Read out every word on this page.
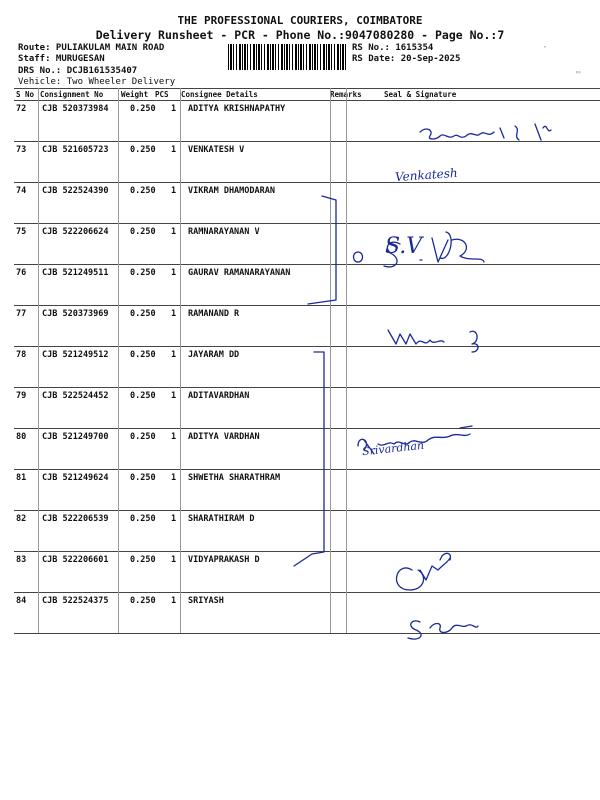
THE PROFESSIONAL COURIERS, COIMBATORE
Delivery Runsheet - PCR - Phone No.:9047080280 - Page No.:7
Route: PULIAKULAM MAIN ROAD
Staff: MURUGESAN
DRS No.: DCJB161535407
Vehicle: Two Wheeler Delivery
RS No.: 1615354
RS Date: 20-Sep-2025
·
▭
S No Consignment No Weight PCS Consignee Details	Remarks	Seal & Signature
72 CJB 520373984	0.250 1 ADITYA KRISHNAPATHY
73 CJB 521605723	0.250 1 VENKATESH V
74 CJB 522524390	0.250 1 VIKRAM DHAMODARAN
75 CJB 522206624	0.250 1 RAMNARAYANAN V
76 CJB 521249511	0.250 1 GAURAV RAMANARAYANAN
77 CJB 520373969	0.250 1 RAMANAND R
78 CJB 521249512	0.250 1 JAYARAM DD
79 CJB 522524452	0.250 1 ADITAVARDHAN
80 CJB 521249700	0.250 1 ADITYA VARDHAN
81 CJB 521249624	0.250 1 SHWETHA SHARATHRAM
82 CJB 522206539	0.250 1 SHARATHIRAM D
83 CJB 522206601	0.250 1 VIDYAPRAKASH D
84 CJB 522524375	0.250 1 SRIYASH
Venkatesh
S.V
Srivardhan
